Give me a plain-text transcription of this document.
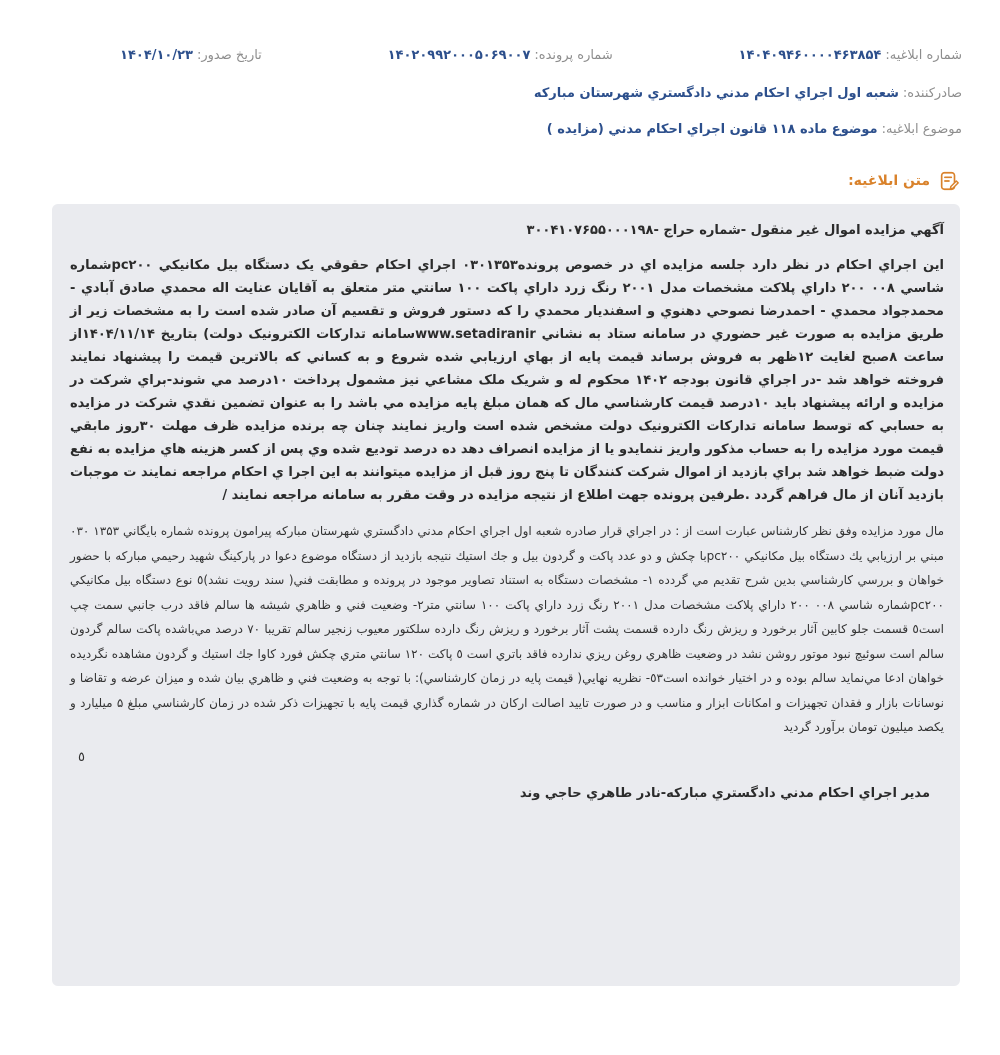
شماره ابلاغیه:
۱۴۰۴۰۹۴۶۰۰۰۰۴۶۳۸۵۴
شماره پرونده:
۱۴۰۲۰۹۹۲۰۰۰۵۰۶۹۰۰۷
تاریخ صدور:
۱۴۰۴/۱۰/۲۳
صادرکننده:
شعبه اول اجراي احكام مدني دادگستري شهرستان مباركه
موضوع ابلاغیه:
موضوع ماده ۱۱۸ قانون اجراي احكام مدني (مزايده )
متن ابلاغیه:
آگهي مزايده اموال غير منقول -شماره حراج -۳۰۰۴۱۰۷۶۵۵۰۰۰۱۹۸

اين اجراي احكام در نظر دارد جلسه مزايده اي در خصوص پرونده۰۳۰۱۳۵۳ اجراي احكام حقوقي يک دستگاه بيل مكانيكي pc۲۰۰شماره شاسي ۰۰۸ ۲۰۰ داراي پلاكت مشخصات مدل ۲۰۰۱ رنگ زرد داراي پاكت ۱۰۰ سانتي متر متعلق به آقايان عنايت اله محمدي صادق آبادي - محمدجواد محمدي - احمدرضا نصوحي دهنوي و اسفنديار محمدي را كه دستور فروش و تقسيم آن صادر شده است را به مشخصات زير از طريق مزايده به صورت غير حضوري در سامانه ستاد به نشاني www.setadiranirسامانه تدارکات الکترونيک دولت) بتاريخ ۱۴۰۴/۱۱/۱۴از ساعت ۸صبح لغايت ۱۲ظهر به فروش برساند قيمت پايه از بهاي ارزيابي شده شروع و به كساني كه بالاترين قيمت را پيشنهاد نمايند فروخته خواهد شد -در اجراي قانون بودجه ۱۴۰۲ محكوم له و شريک ملک مشاعي نيز مشمول پرداخت ۱۰درصد مي شوند-براي شركت در مزايده و ارائه پيشنهاد بايد ۱۰درصد قيمت كارشناسي مال كه همان مبلغ پايه مزايده مي باشد را به عنوان تضمين نقدي شركت در مزايده به حسابي كه توسط سامانه تداركات الكترونيک دولت مشخص شده است واريز نمايند چنان چه برنده مزايده ظرف مهلت ۳۰روز مابقي قيمت مورد مزايده را به حساب مذكور واريز ننمايدو يا از مزايده انصراف دهد ده درصد توديع شده وي پس از كسر هزينه هاي مزايده به نفع دولت ضبط خواهد شد براي بازديد از اموال شركت كنندگان تا پنج روز قبل از مزايده ميتوانند به اين اجرا ي احكام مراجعه نمايند ت موجبات بازديد آنان از مال فراهم گردد .طرفين پرونده جهت اطلاع از نتيجه مزايده در وقت مقرر به سامانه مراجعه نمايند /

مال مورد مزايده وفق نظر كارشناس عبارت است از : در اجراي قرار صادره شعبه اول اجراي احكام مدني دادگستري شهرستان مباركه پيرامون پرونده شماره بايگاني ۱۳۵۳ ۰۳۰ مبني بر ارزيابي يك دستگاه بيل مكانيكي pc۲۰۰با چكش و دو عدد پاكت و گردون بيل و جك استيك نتيجه بازديد از دستگاه موضوع دعوا در پاركينگ شهيد رحيمي مباركه با حضور خواهان و بررسي كارشناسي بدين شرح تقديم مي گردده ۱- مشخصات دستگاه به استناد تصاوير موجود در پرونده و مطابقت فني( سند رويت نشد)٥ نوع دستگاه بيل مكانيكي pc۲۰۰شماره شاسي ۰۰۸ ۲۰۰ داراي پلاكت مشخصات مدل ۲۰۰۱ رنگ زرد داراي پاكت ۱۰۰ سانتي متر۲- وضعيت فني و ظاهري شيشه ها سالم فاقد درب جانبي سمت چپ است٥ قسمت جلو كابين آثار برخورد و ريزش رنگ دارده قسمت پشت آثار برخورد و ريزش رنگ دارده سلكتور معيوب زنجير سالم تقريبا ۷۰ درصد مي‌باشده پاكت سالم گردون سالم است سوئيچ نبود موتور روشن نشد در وضعيت ظاهري روغن ريزي ندارده فاقد باتري است ٥ پاكت ۱۲۰ سانتي متري چكش فورد كاوا جك استيك و گردون مشاهده نگرديده خواهان ادعا مي‌نمايد سالم بوده و در اختيار خوانده است٥۳- نظريه نهايي( قيمت پايه در زمان كارشناسي): با توجه به وضعيت فني و ظاهري بيان شده و ميزان عرضه و تقاضا و نوسانات بازار و فقدان تجهيزات و امكانات ابزار و مناسب و در صورت تاييد اصالت اركان در شماره گذاري قيمت پايه با تجهيزات ذكر شده در زمان كارشناسي مبلغ ۵ ميليارد و يكصد ميليون تومان برآورد گرديد

٥
مدير اجراي احكام مدني دادگستري مباركه-نادر طاهري حاجي وند
